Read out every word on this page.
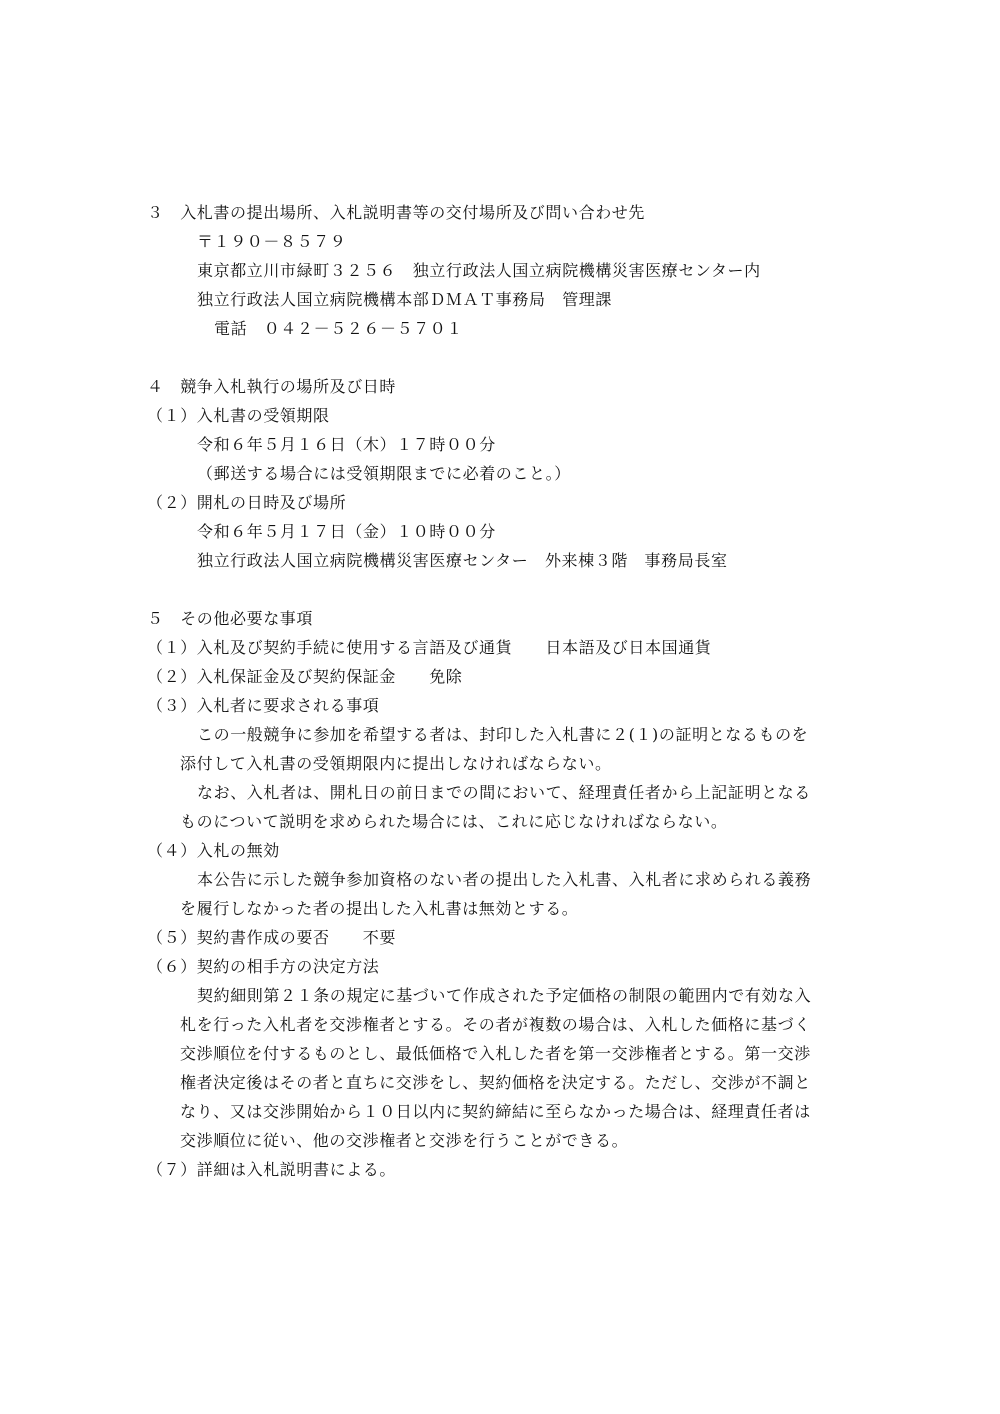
３　入札書の提出場所、入札説明書等の交付場所及び問い合わせ先
〒１９０－８５７９
東京都立川市緑町３２５６　独立行政法人国立病院機構災害医療センター内
独立行政法人国立病院機構本部ＤＭＡＴ事務局　管理課
電話　０４２－５２６－５７０１
４　競争入札執行の場所及び日時
（１）入札書の受領期限
令和６年５月１６日（木）１７時００分
（郵送する場合には受領期限までに必着のこと。）
（２）開札の日時及び場所
令和６年５月１７日（金）１０時００分
独立行政法人国立病院機構災害医療センター　外来棟３階　事務局長室
５　その他必要な事項
（１）入札及び契約手続に使用する言語及び通貨　　日本語及び日本国通貨
（２）入札保証金及び契約保証金　　免除
（３）入札者に要求される事項
この一般競争に参加を希望する者は、封印した入札書に２(１)の証明となるものを
添付して入札書の受領期限内に提出しなければならない。
なお、入札者は、開札日の前日までの間において、経理責任者から上記証明となる
ものについて説明を求められた場合には、これに応じなければならない。
（４）入札の無効
本公告に示した競争参加資格のない者の提出した入札書、入札者に求められる義務
を履行しなかった者の提出した入札書は無効とする。
（５）契約書作成の要否　　不要
（６）契約の相手方の決定方法
契約細則第２１条の規定に基づいて作成された予定価格の制限の範囲内で有効な入
札を行った入札者を交渉権者とする。その者が複数の場合は、入札した価格に基づく
交渉順位を付するものとし、最低価格で入札した者を第一交渉権者とする。第一交渉
権者決定後はその者と直ちに交渉をし、契約価格を決定する。ただし、交渉が不調と
なり、又は交渉開始から１０日以内に契約締結に至らなかった場合は、経理責任者は
交渉順位に従い、他の交渉権者と交渉を行うことができる。
（７）詳細は入札説明書による。
